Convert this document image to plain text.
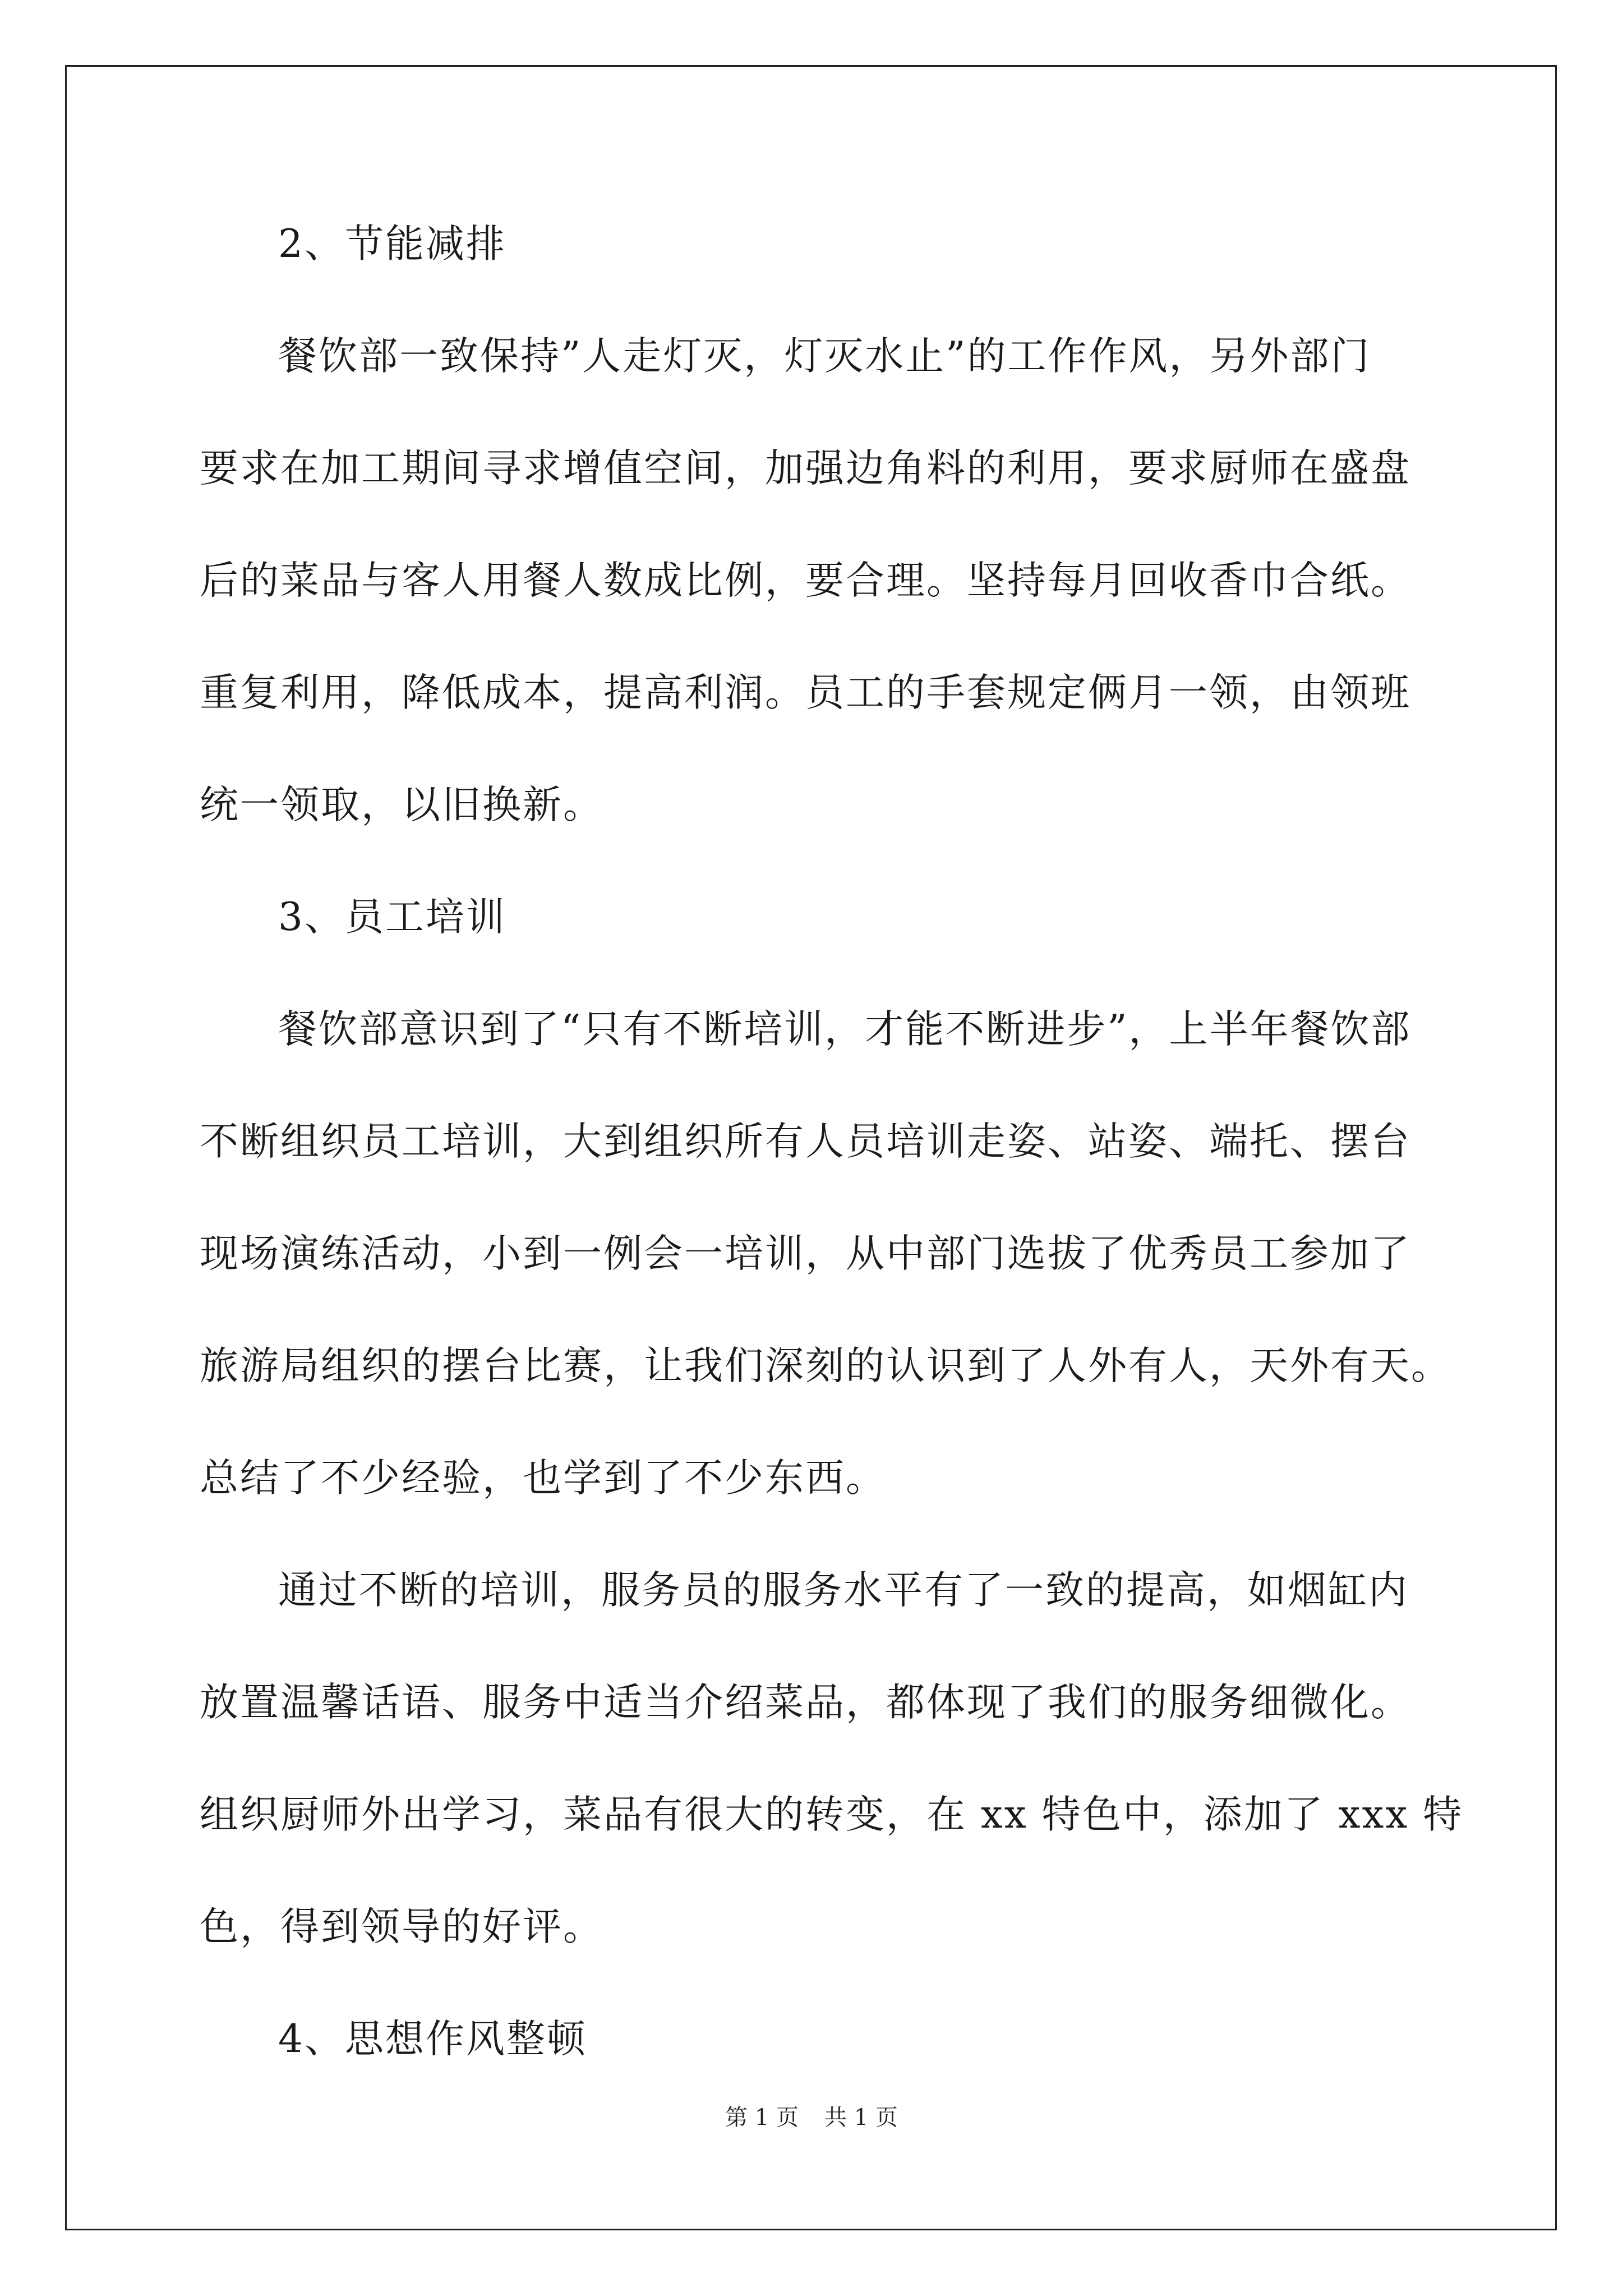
2、节能减排
餐饮部一致保持”人走灯灭，灯灭水止”的工作作风，另外部门
要求在加工期间寻求增值空间，加强边角料的利用，要求厨师在盛盘
后的菜品与客人用餐人数成比例，要合理。坚持每月回收香巾合纸。
重复利用，降低成本，提高利润。员工的手套规定俩月一领，由领班
统一领取，以旧换新。
3、员工培训
餐饮部意识到了“只有不断培训，才能不断进步”，上半年餐饮部
不断组织员工培训，大到组织所有人员培训走姿、站姿、端托、摆台
现场演练活动，小到一例会一培训，从中部门选拔了优秀员工参加了
旅游局组织的摆台比赛，让我们深刻的认识到了人外有人，天外有天。
总结了不少经验，也学到了不少东西。
通过不断的培训，服务员的服务水平有了一致的提高，如烟缸内
放置温馨话语、服务中适当介绍菜品，都体现了我们的服务细微化。
组织厨师外出学习，菜品有很大的转变，在 xx 特色中，添加了 xxx 特
色，得到领导的好评。
4、思想作风整顿
第 1 页 共 1 页
